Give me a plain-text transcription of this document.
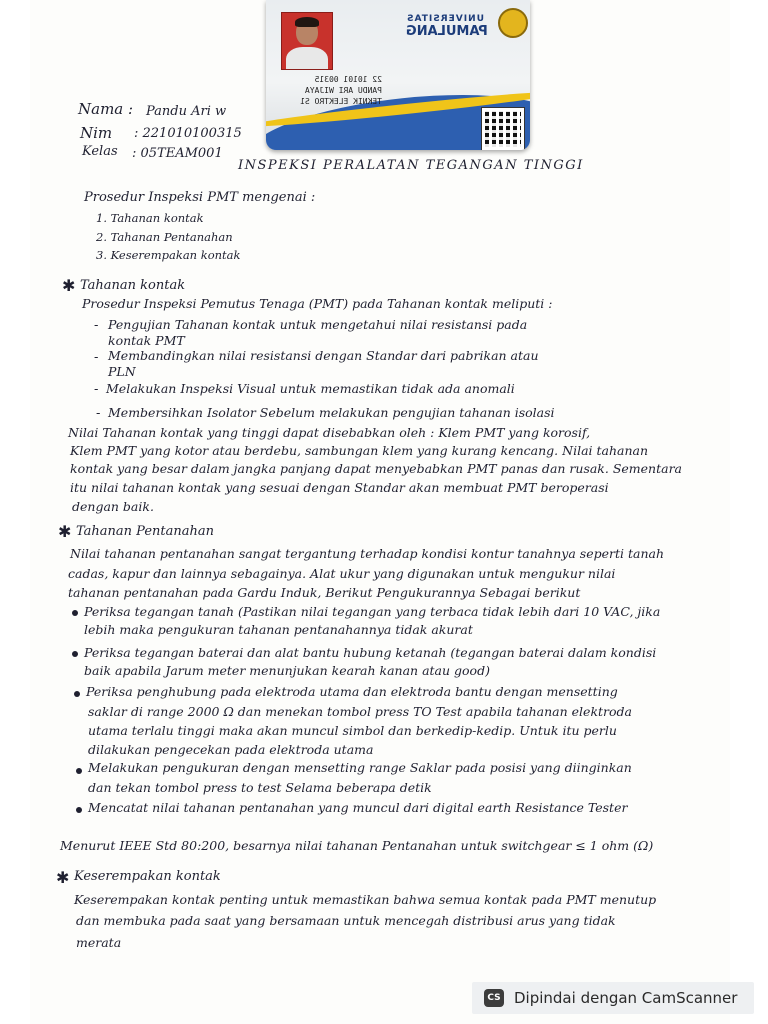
UNIVERSITAS
PAMULANG
22 10101 00315
PANDU ARI WIJAYA
TEKNIK ELEKTRO S1
Nama : Pandu Ari w
Nim : 221010100315
Kelas : 05TEAM001
INSPEKSI PERALATAN TEGANGAN TINGGI
Prosedur Inspeksi PMT mengenai :
1. Tahanan kontak
2. Tahanan Pentanahan
3. Keserempakan kontak
✱ Tahanan kontak
Prosedur Inspeksi Pemutus Tenaga (PMT) pada Tahanan kontak meliputi :
- Pengujian Tahanan kontak untuk mengetahui nilai resistansi pada
kontak PMT
- Membandingkan nilai resistansi dengan Standar dari pabrikan atau
PLN
- Melakukan Inspeksi Visual untuk memastikan tidak ada anomali
- Membersihkan Isolator Sebelum melakukan pengujian tahanan isolasi
Nilai Tahanan kontak yang tinggi dapat disebabkan oleh : Klem PMT yang korosif,
Klem PMT yang kotor atau berdebu, sambungan klem yang kurang kencang. Nilai tahanan
kontak yang besar dalam jangka panjang dapat menyebabkan PMT panas dan rusak. Sementara
itu nilai tahanan kontak yang sesuai dengan Standar akan membuat PMT beroperasi
dengan baik.
✱ Tahanan Pentanahan
Nilai tahanan pentanahan sangat tergantung terhadap kondisi kontur tanahnya seperti tanah
cadas, kapur dan lainnya sebagainya. Alat ukur yang digunakan untuk mengukur nilai
tahanan pentanahan pada Gardu Induk, Berikut Pengukurannya Sebagai berikut
Periksa tegangan tanah (Pastikan nilai tegangan yang terbaca tidak lebih dari 10 VAC, jika
lebih maka pengukuran tahanan pentanahannya tidak akurat
Periksa tegangan baterai dan alat bantu hubung ketanah (tegangan baterai dalam kondisi
baik apabila Jarum meter menunjukan kearah kanan atau good)
Periksa penghubung pada elektroda utama dan elektroda bantu dengan mensetting
saklar di range 2000 Ω dan menekan tombol press TO Test apabila tahanan elektroda
utama terlalu tinggi maka akan muncul simbol dan berkedip-kedip. Untuk itu perlu
dilakukan pengecekan pada elektroda utama
Melakukan pengukuran dengan mensetting range Saklar pada posisi yang diinginkan
dan tekan tombol press to test Selama beberapa detik
Mencatat nilai tahanan pentanahan yang muncul dari digital earth Resistance Tester
Menurut IEEE Std 80:200, besarnya nilai tahanan Pentanahan untuk switchgear ≤ 1 ohm (Ω)
✱ Keserempakan kontak
Keserempakan kontak penting untuk memastikan bahwa semua kontak pada PMT menutup
dan membuka pada saat yang bersamaan untuk mencegah distribusi arus yang tidak
merata
CS Dipindai dengan CamScanner
